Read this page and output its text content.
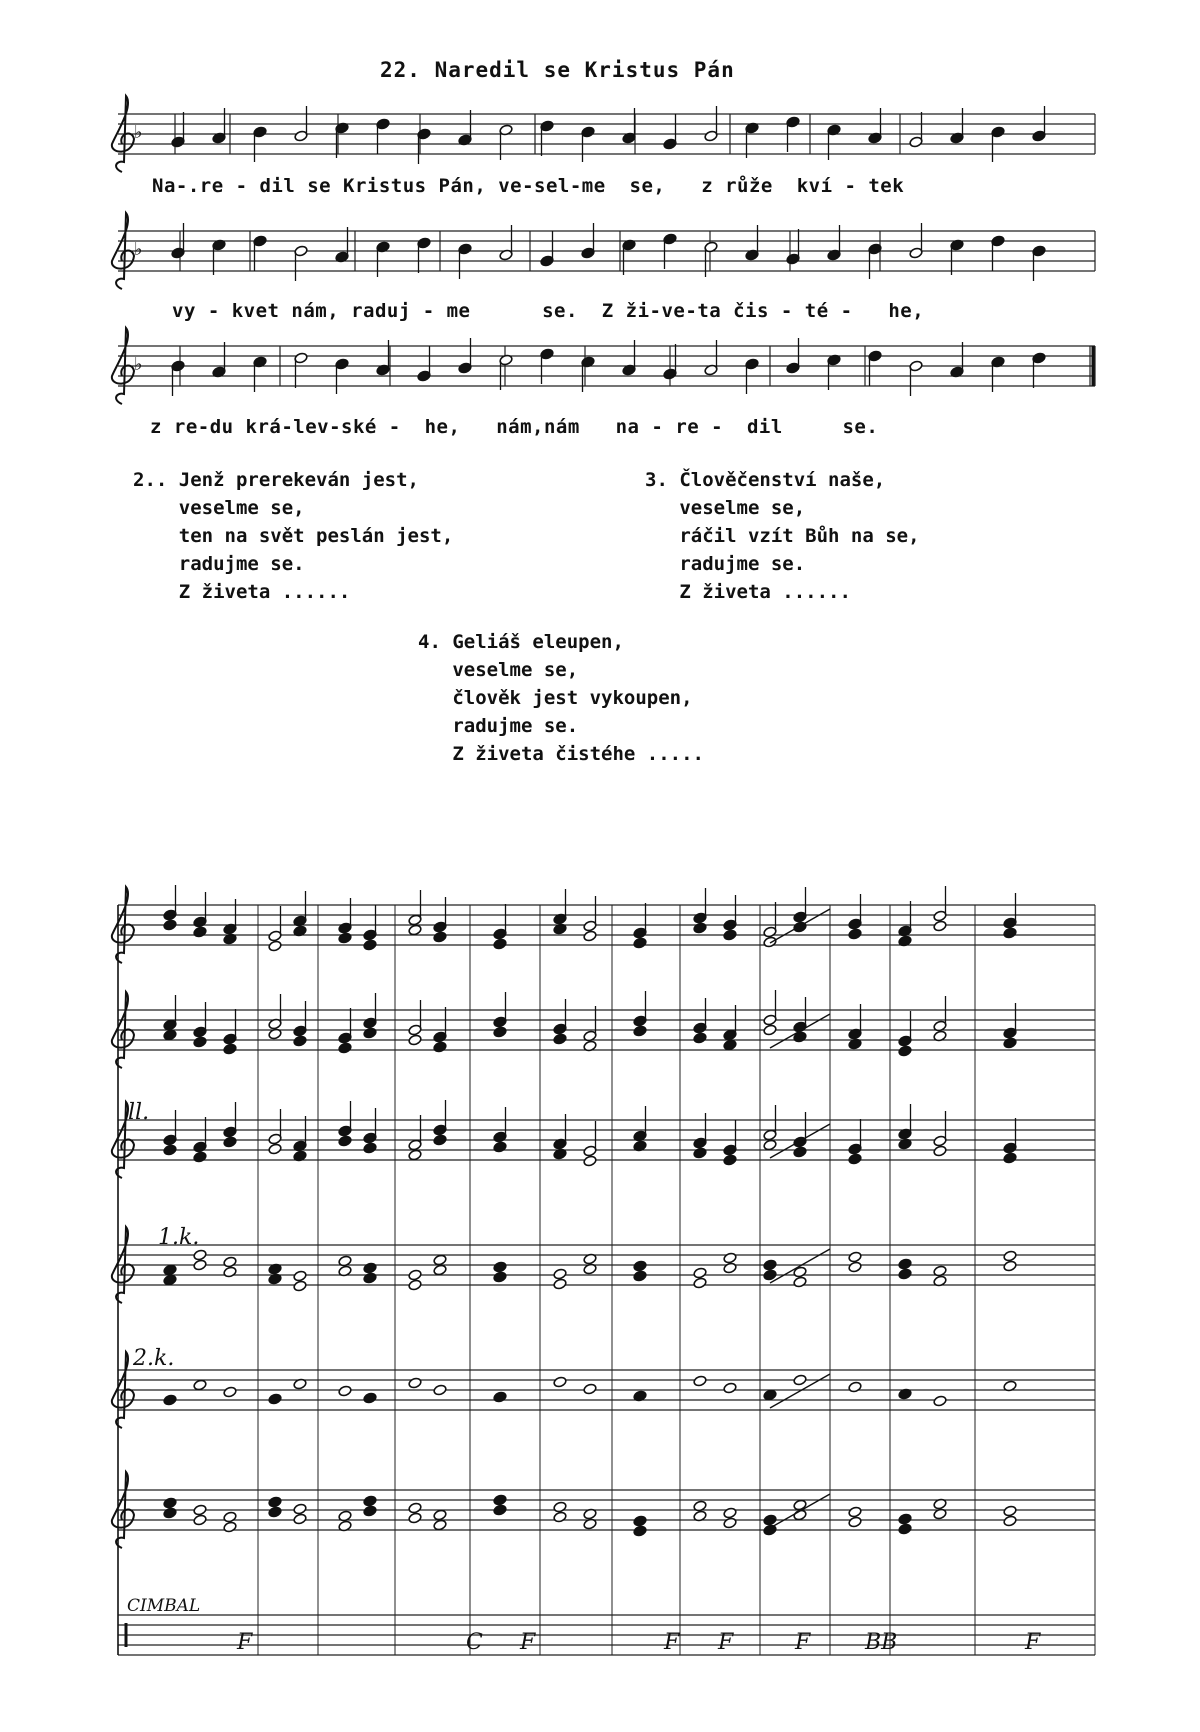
22. Naredil se Kristus Pán
Na-.re - dil se Kristus Pán, ve-sel-me  se,   z růže  kví - tek
vy - kvet nám, raduj - me      se.  Z ži-ve-ta čis - té -   he,
z re-du krá-lev-ské -  he,   nám,nám   na - re -  dil     se.
2.. Jenž prerekeván jest,
veselme se,
ten na svět peslán jest,
radujme se.
Z živeta ......
3. Člověčenství naše,
veselme se,
ráčil vzít Bůh na se,
radujme se.
Z živeta ......
4. Geliáš eleupen,
veselme se,
člověk jest vykoupen,
radujme se.
Z živeta čistéhe .....
ll.
1.k.
2.k.
CIMBAL
♭
♭
♭
F	C F	F F	F BB	F
